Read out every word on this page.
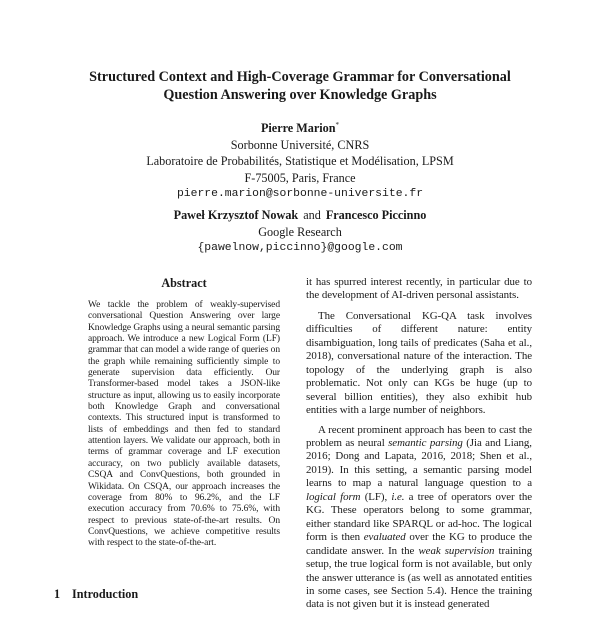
Structured Context and High-Coverage Grammar for Conversational
Question Answering over Knowledge Graphs
Pierre Marion*
Sorbonne Université, CNRS
Laboratoire de Probabilités, Statistique et Modélisation, LPSM
F-75005, Paris, France
pierre.marion@sorbonne-universite.fr
Paweł Krzysztof Nowak and Francesco Piccinno
Google Research
{pawelnow,piccinno}@google.com
Abstract
We tackle the problem of weakly-supervised conversational Question Answering over large Knowledge Graphs using a neural semantic parsing approach. We introduce a new Logical Form (LF) grammar that can model a wide range of queries on the graph while remaining sufficiently simple to generate supervision data efficiently. Our Transformer-based model takes a JSON-like structure as input, allowing us to easily incorporate both Knowledge Graph and conversational contexts. This structured input is transformed to lists of embeddings and then fed to standard attention layers. We validate our approach, both in terms of grammar coverage and LF execution accuracy, on two publicly available datasets, CSQA and ConvQuestions, both grounded in Wikidata. On CSQA, our approach increases the coverage from 80% to 96.2%, and the LF execution accuracy from 70.6% to 75.6%, with respect to previous state-of-the-art results. On ConvQuestions, we achieve competitive results with respect to the state-of-the-art.
1 Introduction

it has spurred interest recently, in particular due to the development of AI-driven personal assistants.

The Conversational KG-QA task involves difficulties of different nature: entity disambiguation, long tails of predicates (Saha et al., 2018), conversational nature of the interaction. The topology of the underlying graph is also problematic. Not only can KGs be huge (up to several billion entities), they also exhibit hub entities with a large number of neighbors.

A recent prominent approach has been to cast the problem as neural semantic parsing (Jia and Liang, 2016; Dong and Lapata, 2016, 2018; Shen et al., 2019). In this setting, a semantic parsing model learns to map a natural language question to a logical form (LF), i.e. a tree of operators over the KG. These operators belong to some grammar, either standard like SPARQL or ad-hoc. The logical form is then evaluated over the KG to produce the candidate answer. In the weak supervision training setup, the true logical form is not available, but only the answer utterance is (as well as annotated entities in some cases, see Section 5.4). Hence the training data is not given but it is instead generated
